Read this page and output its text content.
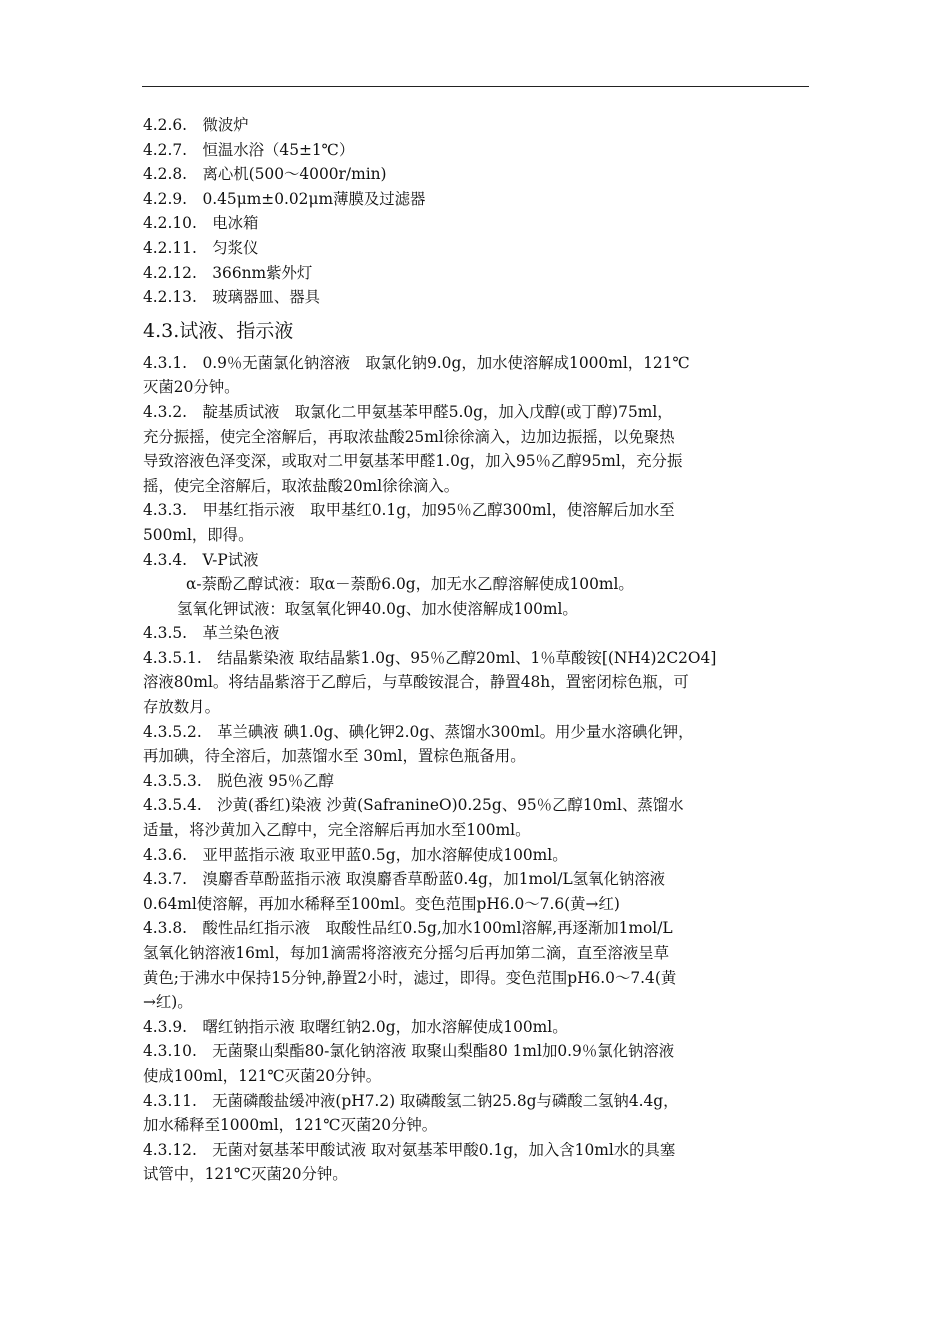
4.2.6.　微波炉
4.2.7.　恒温水浴（45±1℃）
4.2.8.　离心机(500～4000r/min)
4.2.9.　0.45μm±0.02μm薄膜及过滤器
4.2.10.　电冰箱
4.2.11.　匀浆仪
4.2.12.　366nm紫外灯
4.2.13.　玻璃器皿、器具
4.3.试液、指示液
4.3.1.　0.9％无菌氯化钠溶液　取氯化钠9.0g，加水使溶解成1000ml，121℃
灭菌20分钟。
4.3.2.　靛基质试液　取氯化二甲氨基苯甲醛5.0g，加入戊醇(或丁醇)75ml，
充分振摇，使完全溶解后，再取浓盐酸25ml徐徐滴入，边加边振摇，以免聚热
导致溶液色泽变深，或取对二甲氨基苯甲醛1.0g，加入95％乙醇95ml，充分振
摇，使完全溶解后，取浓盐酸20ml徐徐滴入。
4.3.3.　甲基红指示液　取甲基红0.1g，加95％乙醇300ml，使溶解后加水至
500ml，即得。
4.3.4.　V-P试液
α-萘酚乙醇试液：取α－萘酚6.0g，加无水乙醇溶解使成100ml。
氢氧化钾试液：取氢氧化钾40.0g、加水使溶解成100ml。
4.3.5.　革兰染色液
4.3.5.1.　结晶紫染液 取结晶紫1.0g、95％乙醇20ml、1％草酸铵[(NH4)2C2O4]
溶液80ml。将结晶紫溶于乙醇后，与草酸铵混合，静置48h，置密闭棕色瓶，可
存放数月。
4.3.5.2.　革兰碘液 碘1.0g、碘化钾2.0g、蒸馏水300ml。用少量水溶碘化钾，
再加碘，待全溶后，加蒸馏水至 30ml，置棕色瓶备用。
4.3.5.3.　脱色液 95％乙醇
4.3.5.4.　沙黄(番红)染液 沙黄(SafranineO)0.25g、95％乙醇10ml、蒸馏水
适量，将沙黄加入乙醇中，完全溶解后再加水至100ml。
4.3.6.　亚甲蓝指示液 取亚甲蓝0.5g，加水溶解使成100ml。
4.3.7.　溴麝香草酚蓝指示液 取溴麝香草酚蓝0.4g，加1mol/L氢氧化钠溶液
0.64ml使溶解，再加水稀释至100ml。变色范围pH6.0～7.6(黄→红)
4.3.8.　酸性品红指示液　取酸性品红0.5g,加水100ml溶解,再逐渐加1mol/L
氢氧化钠溶液16ml，每加1滴需将溶液充分摇匀后再加第二滴，直至溶液呈草
黄色;于沸水中保持15分钟,静置2小时，滤过，即得。变色范围pH6.0～7.4(黄
→红)。
4.3.9.　曙红钠指示液 取曙红钠2.0g，加水溶解使成100ml。
4.3.10.　无菌聚山梨酯80-氯化钠溶液 取聚山梨酯80 1ml加0.9％氯化钠溶液
使成100ml，121℃灭菌20分钟。
4.3.11.　无菌磷酸盐缓冲液(pH7.2) 取磷酸氢二钠25.8g与磷酸二氢钠4.4g，
加水稀释至1000ml，121℃灭菌20分钟。
4.3.12.　无菌对氨基苯甲酸试液 取对氨基苯甲酸0.1g，加入含10ml水的具塞
试管中，121℃灭菌20分钟。
